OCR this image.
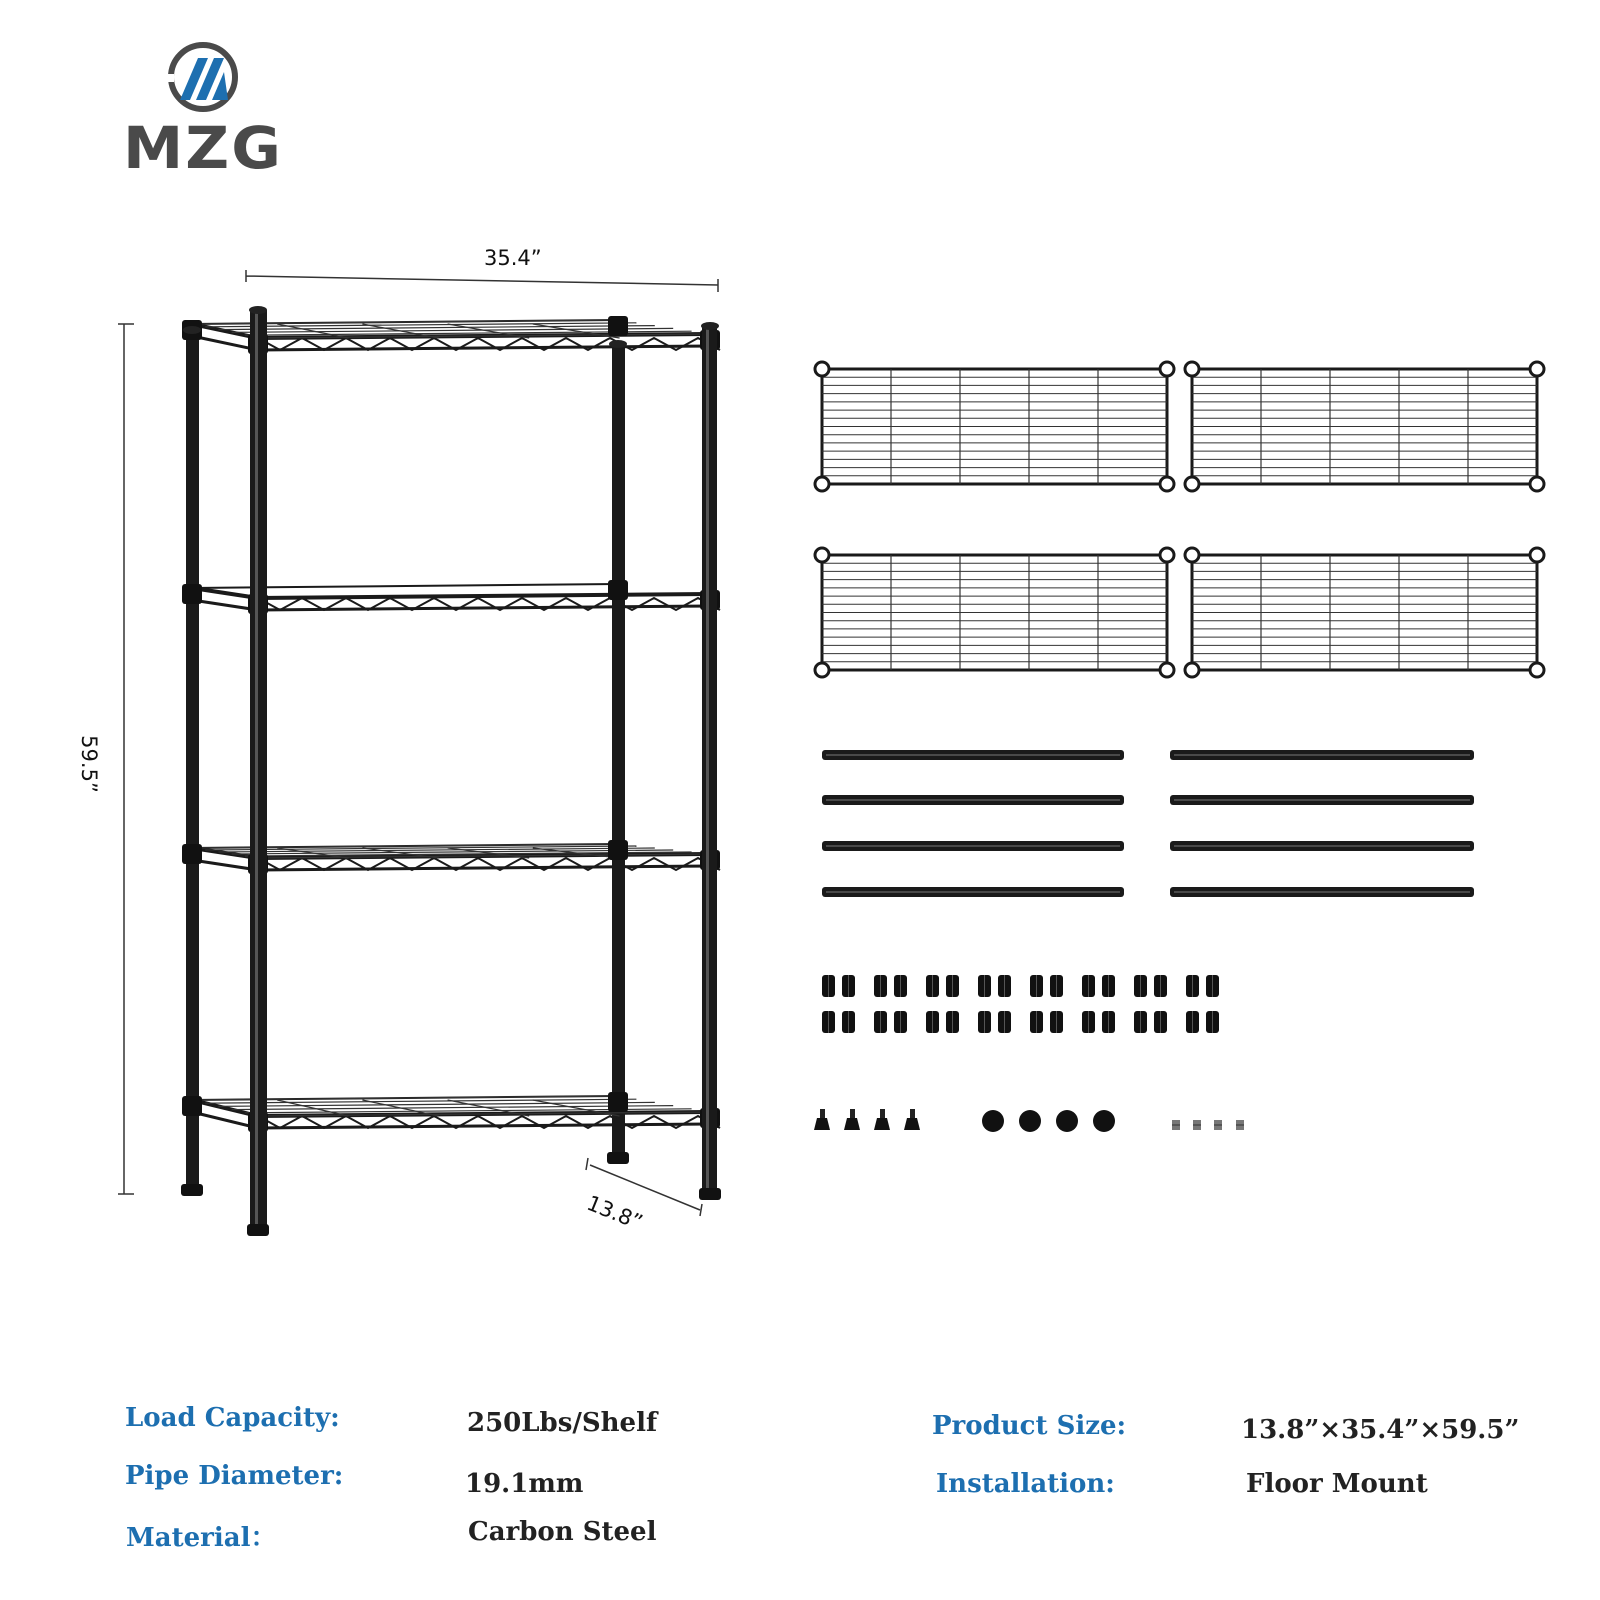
MZG
35.4”
59.5”
13.8”
Load Capacity:	250Lbs/Shelf
Pipe Diameter:	19.1mm
Material：	Carbon Steel
Product Size:	13.8”×35.4”×59.5”
Installation:	Floor Mount
